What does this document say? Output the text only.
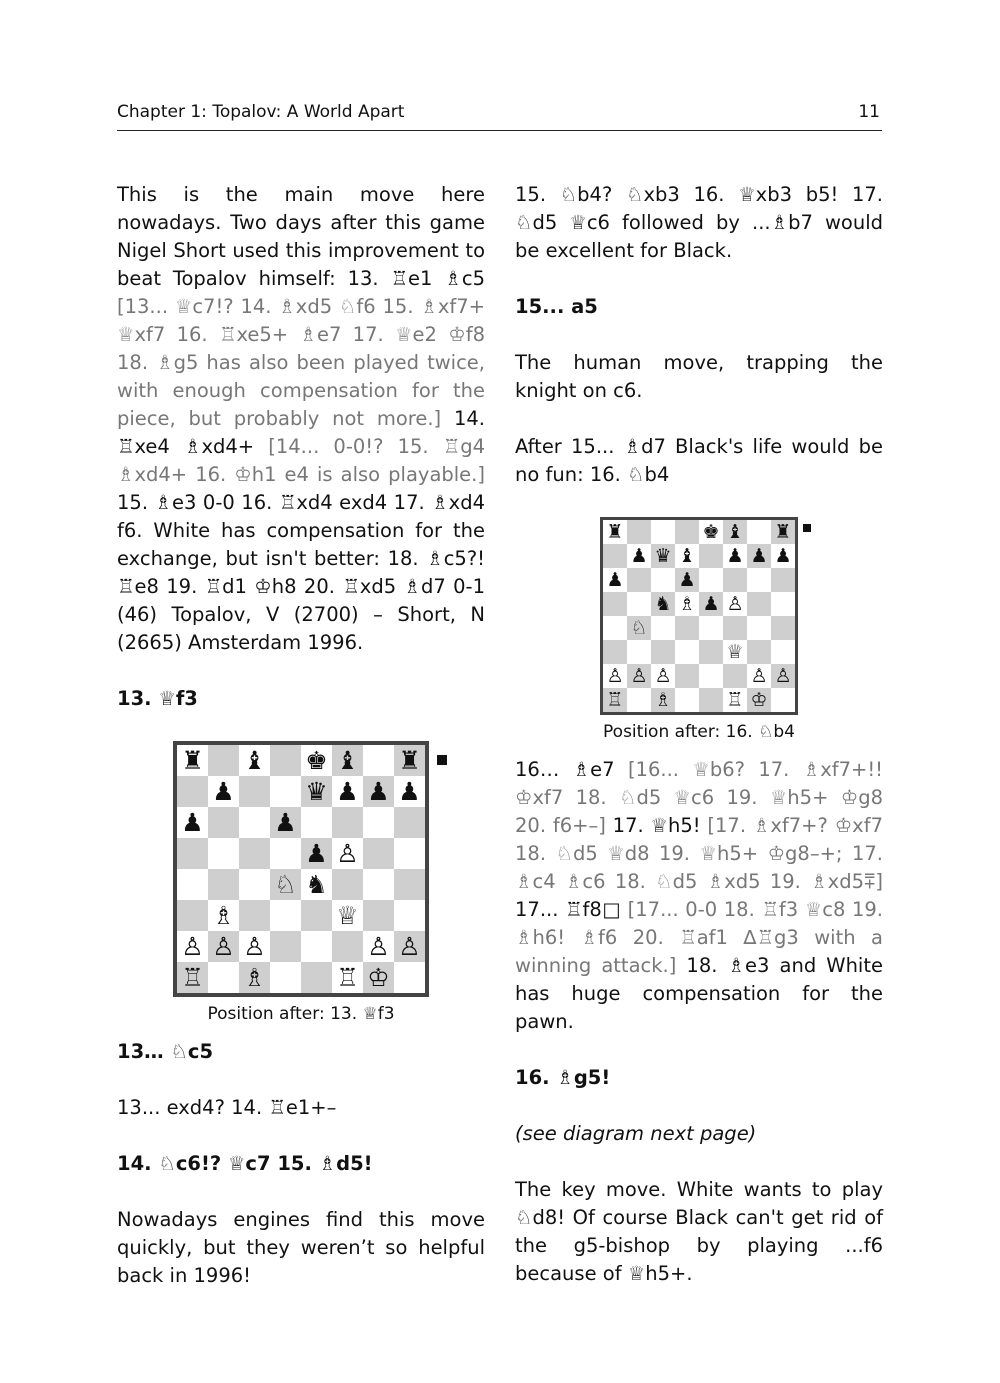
Chapter 1: Topalov: A World Apart	11

This is the main move here nowadays. Two days after this game Nigel Short used this improvement to beat Topalov himself: 13. ♖e1 ♗c5 [13... ♕c7!? 14. ♗xd5 ♘f6 15. ♗xf7+ ♕xf7 16. ♖xe5+ ♗e7 17. ♕e2 ♔f8 18. ♗g5 has also been played twice, with enough compensation for the piece, but probably not more.] 14. ♖xe4 ♗xd4+ [14... 0-0!? 15. ♖g4 ♗xd4+ 16. ♔h1 e4 is also playable.] 15. ♗e3 0-0 16. ♖xd4 exd4 17. ♗xd4 f6. White has compensation for the exchange, but isn't better: 18. ♗c5?! ♖e8 19. ♖d1 ♔h8 20. ♖xd5 ♗d7 0-1 (46) Topalov, V (2700) – Short, N (2665) Amsterdam 1996.

13. ♕f3

♜ ♝ ♚ ♝ ♜
♟	♛ ♟ ♟ ♟
♟	♟
♟ ♙
♘ ♞
♗	♕
♙ ♙ ♙	♙ ♙
♖ ♗	♖ ♔
Position after: 13. ♕f3

13… ♘c5

13... exd4? 14. ♖e1+–

14. ♘c6!? ♕c7 15. ♗d5!

Nowadays engines find this move quickly, but they weren’t so helpful back in 1996!

15. ♘b4? ♘xb3 16. ♕xb3 b5! 17. ♘d5 ♕c6 followed by ...♗b7 would be excellent for Black.

15... a5

The human move, trapping the knight on c6.

After 15... ♗d7 Black's life would be no fun: 16. ♘b4

♜	♚ ♝ ♜
♟ ♛ ♝ ♟ ♟ ♟
♟	♟
♞ ♗ ♟ ♙
♘
♕
♙ ♙ ♙	♙ ♙
♖ ♗	♖ ♔
Position after: 16. ♘b4

16… ♗e7 [16... ♕b6? 17. ♗xf7+!! ♔xf7 18. ♘d5 ♕c6 19. ♕h5+ ♔g8 20. f6+–] 17. ♕h5! [17. ♗xf7+? ♔xf7 18. ♘d5 ♕d8 19. ♕h5+ ♔g8–+; 17. ♗c4 ♗c6 18. ♘d5 ♗xd5 19. ♗xd5⩱] 17... ♖f8□ [17... 0-0 18. ♖f3 ♕c8 19. ♗h6! ♗f6 20. ♖af1 ∆♖g3 with a winning attack.] 18. ♗e3 and White has huge compensation for the pawn.

16. ♗g5!

(see diagram next page)

The key move. White wants to play ♘d8! Of course Black can't get rid of the g5-bishop by playing ...f6 because of ♕h5+.
